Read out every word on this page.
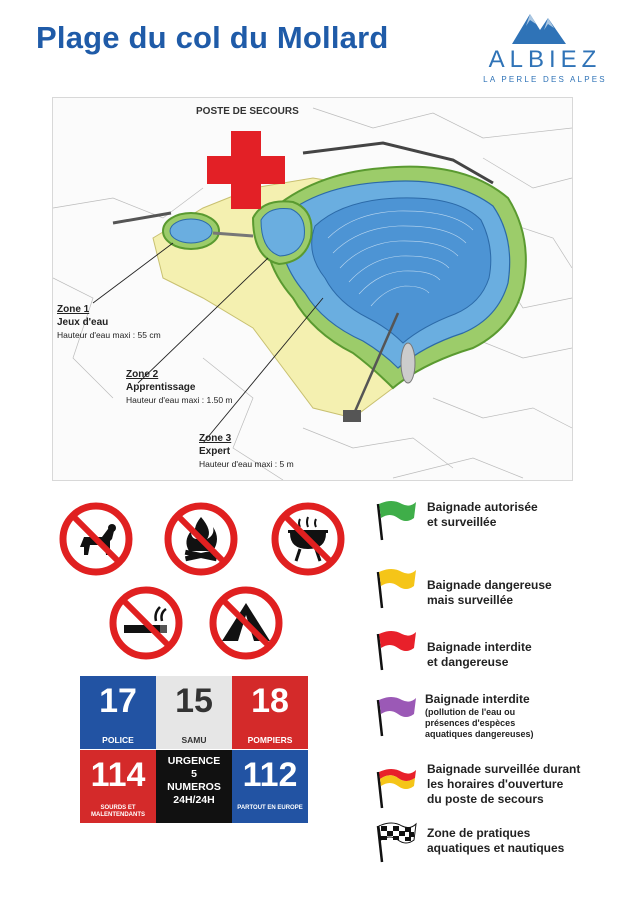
Plage du col du Mollard
ALBIEZ
LA PERLE DES ALPES
POSTE DE SECOURS
Zone 1
Jeux d'eau
Hauteur d'eau maxi : 55 cm
Zone 2
Apprentissage
Hauteur d'eau maxi : 1.50 m
Zone 3
Expert
Hauteur d'eau maxi : 5 m
17
POLICE
15
SAMU
18
POMPIERS
114
SOURDS ET MALENTENDANTS
URGENCE
5
NUMEROS
24H/24H
112
PARTOUT EN EUROPE
Baignade autorisée
et surveillée
Baignade dangereuse
mais surveillée
Baignade interdite
et dangereuse
Baignade interdite
(pollution de l'eau ou
présences d'espèces
aquatiques dangereuses)
Baignade surveillée durant
les horaires d'ouverture
du poste de secours
Zone de pratiques
aquatiques et nautiques
